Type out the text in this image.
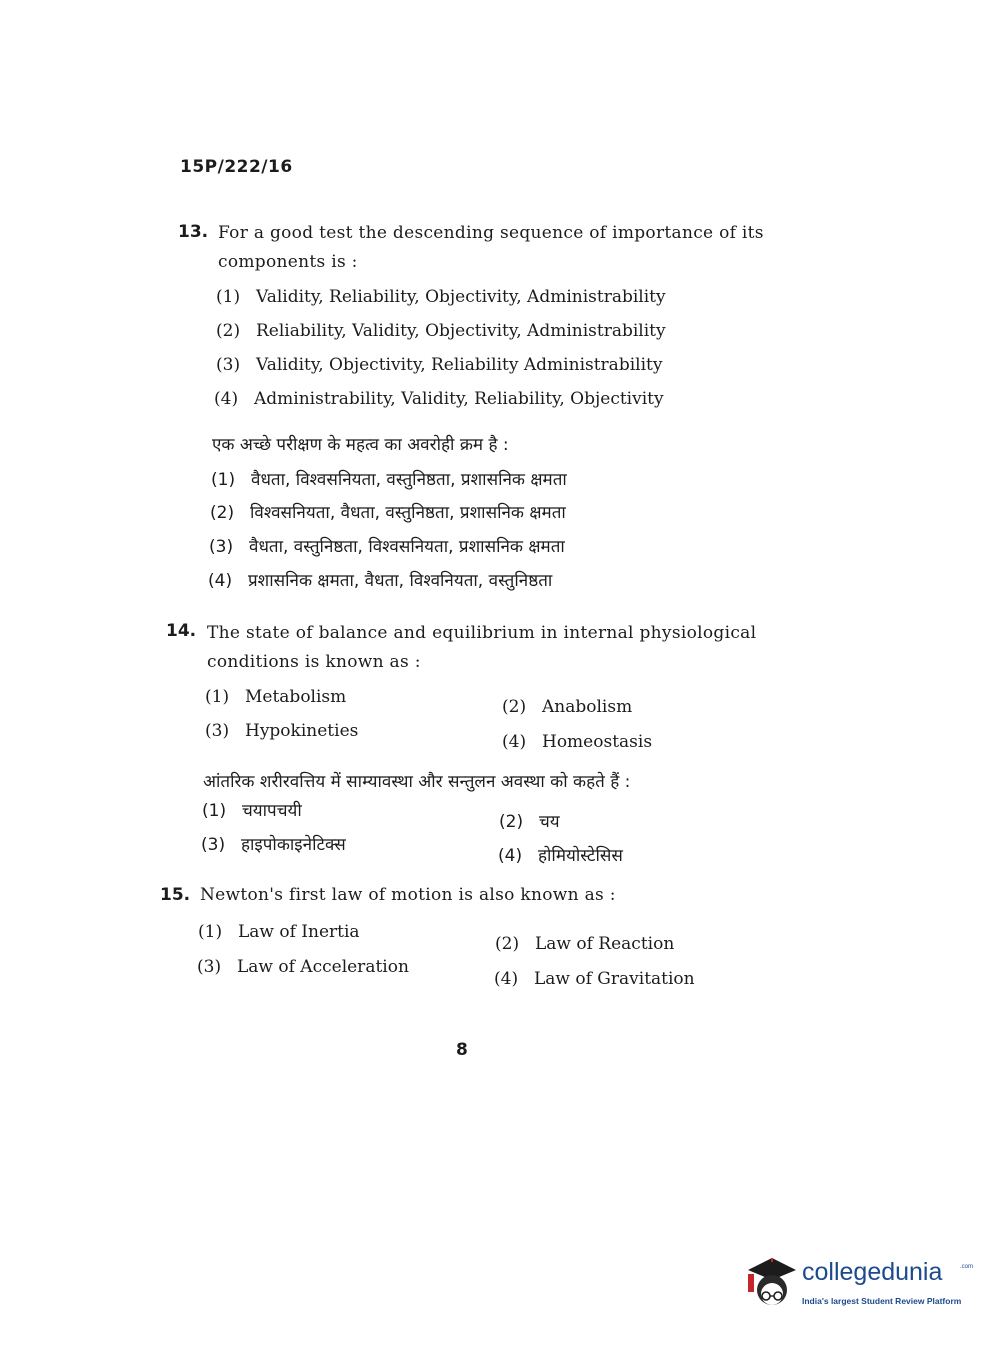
15P/222/16
13. For a good test the descending sequence of importance of its components is :
(1) Validity, Reliability, Objectivity, Administrability
(2) Reliability, Validity, Objectivity, Administrability
(3) Validity, Objectivity, Reliability Administrability
(4) Administrability, Validity, Reliability, Objectivity
एक अच्छे परीक्षण के महत्व का अवरोही क्रम है :
(1) वैधता, विश्वसनियता, वस्तुनिष्ठता, प्रशासनिक क्षमता
(2) विश्वसनियता, वैधता, वस्तुनिष्ठता, प्रशासनिक क्षमता
(3) वैधता, वस्तुनिष्ठता, विश्वसनियता, प्रशासनिक क्षमता
(4) प्रशासनिक क्षमता, वैधता, विश्वनियता, वस्तुनिष्ठता
14. The state of balance and equilibrium in internal physiological conditions is known as :
(1) Metabolism	(2) Anabolism
(3) Hypokineties
(4) Homeostasis
आंतरिक शरीरवत्तिय में साम्यावस्था और सन्तुलन अवस्था को कहते हैं :
(1) चयापचयी
(2) चय
(3) हाइपोकाइनेटिक्स
(4) होमियोस्टेसिस
15. Newton's first law of motion is also known as :
(1) Law of Inertia
(2) Law of Reaction
(3) Law of Acceleration
(4) Law of Gravitation
8
collegedunia	.com
India's largest Student Review Platform
